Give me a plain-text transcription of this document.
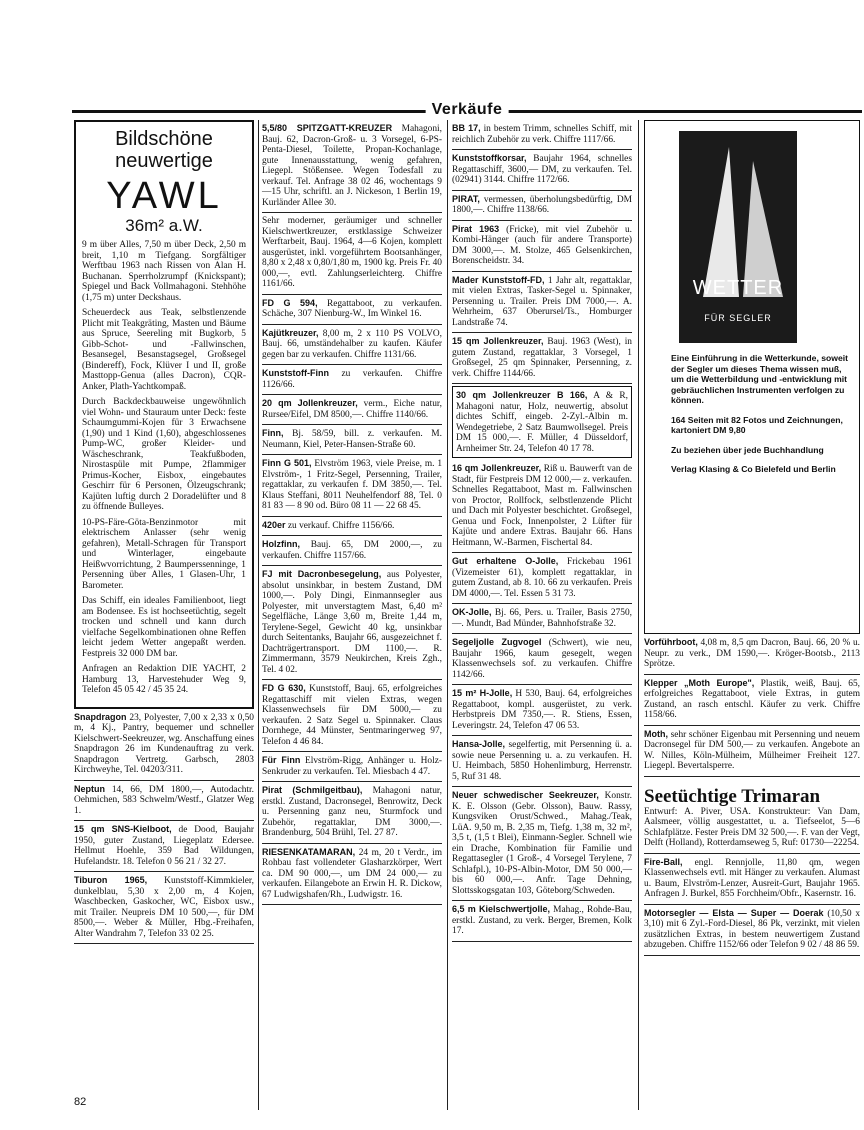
Verkäufe
Bildschöne neuwertige
YAWL
36m² a.W.

9 m über Alles, 7,50 m über Deck, 2,50 m breit, 1,10 m Tiefgang. Sorgfältiger Werftbau 1963 nach Rissen von Alan H. Buchanan. Sperrholzrumpf (Knickspant); Spiegel und Back Vollmahagoni. Stehhöhe (1,75 m) unter Deckshaus.

Scheuerdeck aus Teak, selbstlenzende Plicht mit Teakgräting, Masten und Bäume aus Spruce, Seereling mit Bugkorb, 5 Gibb-Schot- und -Fallwinschen, Besansegel, Besanstagsegel, Großsegel (Bindereff), Fock, Klüver I und II, große Masttopp-Genua (alles Dacron), CQR-Anker, Plath-Yachtkompaß.

Durch Backdeckbauweise ungewöhnlich viel Wohn- und Stauraum unter Deck: feste Schaumgummi-Kojen für 3 Erwachsene (1,90) und 1 Kind (1,60), abgeschlossenes Pump-WC, großer Kleider- und Wäscheschrank, Teakfußboden, Nirostaspüle mit Pumpe, 2flammiger Primus-Kocher, Eisbox, eingebautes Geschirr für 6 Personen, Ölzeugschrank; Kajüten luftig durch 2 Doradelüfter und 8 zu öffnende Bulleyes.

10-PS-Färe-Göta-Benzinmotor mit elektrischem Anlasser (sehr wenig gefahren), Metall-Schragen für Transport und Winterlager, eingebaute Heißwvorrichtung, 2 Baumperssenninge, 1 Persenning über Alles, 1 Glasen-Uhr, 1 Barometer.

Das Schiff, ein ideales Familienboot, liegt am Bodensee. Es ist hochseetüchtig, segelt trocken und schnell und kann durch vielfache Segelkombinationen ohne Reffen leicht jedem Wetter angepaßt werden. Festpreis 32 000 DM bar.

Anfragen an Redaktion DIE YACHT, 2 Hamburg 13, Harvestehuder Weg 9, Telefon 45 05 42 / 45 35 24.

Snapdragon 23, Polyester, 7,00 x 2,33 x 0,50 m, 4 Kj., Pantry, bequemer und schneller Kielschwert-Seekreuzer, wg. Anschaffung eines Snapdragon 26 im Kundenauftrag zu verk. Snapdragon Vertretg. Garbsch, 2803 Kirchweyhe, Tel. 04203/311.
Neptun 14, 66, DM 1800,—, Autodachtr. Oehmichen, 583 Schwelm/Westf., Glatzer Weg 1.
15 qm SNS-Kielboot, de Dood, Baujahr 1950, guter Zustand, Liegeplatz Edersee. Hellmut Hoehle, 359 Bad Wildungen, Hufelandstr. 18. Telefon 0 56 21 / 32 27.
Tiburon 1965, Kunststoff-Kimmkieler, dunkelblau, 5,30 x 2,00 m, 4 Kojen, Waschbecken, Gaskocher, WC, Eisbox usw., mit Trailer. Neupreis DM 10 500,—, für DM 8500,—. Weber & Müller, Hbg.-Freihafen, Alter Wandrahm 7, Telefon 33 02 25.
5,5/80 SPITZGATT-KREUZER Mahagoni, Bauj. 62, Dacron-Groß- u. 3 Vorsegel, 6-PS-Penta-Diesel, Toilette, Propan-Kochanlage, gute Innenausstattung, wenig gefahren, Liegepl. Stößensee. Wegen Todesfall zu verkauf. Tel. Anfrage 38 02 46, wochentags 9—15 Uhr, schriftl. an J. Nickeson, 1 Berlin 19, Kurländer Allee 30.
Sehr moderner, geräumiger und schneller Kielschwertkreuzer, erstklassige Schweizer Werftarbeit, Bauj. 1964, 4—6 Kojen, komplett ausgerüstet, inkl. vorgeführtem Bootsanhänger, 8,80 x 2,48 x 0,80/1,80 m, 1900 kg. Preis Fr. 40 000,—, evtl. Zahlungserleichterg. Chiffre 1161/66.
FD G 594, Regattaboot, zu verkaufen. Schäche, 307 Nienburg-W., Im Winkel 16.
Kajütkreuzer, 8,00 m, 2 x 110 PS VOLVO, Bauj. 66, umständehalber zu kaufen. Käufer gegen bar zu verkaufen. Chiffre 1131/66.
Kunststoff-Finn zu verkaufen. Chiffre 1126/66.
20 qm Jollenkreuzer, verm., Eiche natur, Rursee/Eifel, DM 8500,—. Chiffre 1140/66.
Finn, Bj. 58/59, bill. z. verkaufen. M. Neumann, Kiel, Peter-Hansen-Straße 60.
Finn G 501, Elvström 1963, viele Preise, m. 1 Elvström-, 1 Fritz-Segel, Persenning, Trailer, regattaklar, zu verkaufen f. DM 3850,—. Tel. Klaus Steffani, 8011 Neuhelfendorf 88, Tel. 0 81 83 — 8 90 od. Büro 08 11 — 22 68 45.
420er zu verkauf. Chiffre 1156/66.
Holzfinn, Bauj. 65, DM 2000,—, zu verkaufen. Chiffre 1157/66.
FJ mit Dacronbesegelung, aus Polyester, absolut unsinkbar, in bestem Zustand, DM 1000,—. Poly Dingi, Einmannsegler aus Polyester, mit unverstagtem Mast, 6,40 m² Segelfläche, Länge 3,60 m, Breite 1,44 m, Terylene-Segel, Gewicht 40 kg, unsinkbar durch Seitentanks, Baujahr 66, ausgezeichnet f. Dachträgertransport. DM 1100,—. R. Zimmermann, 3579 Neukirchen, Kreis Zgh., Tel. 4 02.
FD G 630, Kunststoff, Bauj. 65, erfolgreiches Regattaschiff mit vielen Extras, wegen Klassenwechsels für DM 5000,— zu verkaufen. 2 Satz Segel u. Spinnaker. Claus Dornhege, 44 Münster, Sentmaringerweg 97, Telefon 4 46 84.
Für Finn Elvström-Rigg, Anhänger u. Holz-Senkruder zu verkaufen. Tel. Miesbach 4 47.
Pirat (Schmilgeitbau), Mahagoni natur, erstkl. Zustand, Dacronsegel, Benrowitz, Deck u. Persenning ganz neu, Sturmfock und Zubehör, regattaklar, DM 3000,—. Brandenburg, 504 Brühl, Tel. 27 87.
RIESENKATAMARAN, 24 m, 20 t Verdr., im Rohbau fast vollendeter Glasharzkörper, Wert ca. DM 90 000,—, um DM 24 000,— zu verkaufen. Eilangebote an Erwin H. R. Dickow, 67 Ludwigshafen/Rh., Ludwigstr. 16.
BB 17, in bestem Trimm, schnelles Schiff, mit reichlich Zubehör zu verk. Chiffre 1117/66.
Kunststoffkorsar, Baujahr 1964, schnelles Regattaschiff, 3600,— DM, zu verkaufen. Tel. (02941) 3144. Chiffre 1172/66.
PIRAT, vermessen, überholungsbedürftig, DM 1800,—. Chiffre 1138/66.
Pirat 1963 (Fricke), mit viel Zubehör u. Kombi-Hänger (auch für andere Transporte) DM 3000,—. M. Stolze, 465 Gelsenkirchen, Borenscheidstr. 34.
Mader Kunststoff-FD, 1 Jahr alt, regattaklar, mit vielen Extras, Tasker-Segel u. Spinnaker, Persenning u. Trailer. Preis DM 7000,—. A. Wehrheim, 637 Oberursel/Ts., Homburger Landstraße 74.
15 qm Jollenkreuzer, Bauj. 1963 (West), in gutem Zustand, regattaklar, 3 Vorsegel, 1 Großsegel, 25 qm Spinnaker, Persenning, z. verk. Chiffre 1144/66.
30 qm Jollenkreuzer B 166, A & R, Mahagoni natur, Holz, neuwertig, absolut dichtes Schiff, eingeb. 2-Zyl.-Albin m. Wendegetriebe, 2 Satz Baumwollsegel. Preis DM 15 000,—. F. Müller, 4 Düsseldorf, Arnheimer Str. 24, Telefon 40 17 78.
16 qm Jollenkreuzer, Riß u. Bauwerft van de Stadt, für Festpreis DM 12 000,— z. verkaufen. Schnelles Regattaboot, Mast m. Fallwinschen von Proctor, Rollfock, selbstlenzende Plicht und Dach mit Polyester beschichtet. Großsegel, Genua und Fock, Innenpolster, 2 Lüfter für Kajüte und andere Extras. Baujahr 66. Hans Heitmann, W.-Barmen, Fischertal 84.
Gut erhaltene O-Jolle, Frickebau 1961 (Vizemeister 61), komplett regattaklar, in gutem Zustand, ab 8. 10. 66 zu verkaufen. Preis DM 4000,—. Tel. Essen 5 31 73.
OK-Jolle, Bj. 66, Pers. u. Trailer, Basis 2750,—. Mundt, Bad Münder, Bahnhofstraße 32.
Segeljolle Zugvogel (Schwert), wie neu, Baujahr 1966, kaum gesegelt, wegen Klassenwechsels sof. zu verkaufen. Chiffre 1142/66.
15 m² H-Jolle, H 530, Bauj. 64, erfolgreiches Regattaboot, kompl. ausgerüstet, zu verk. Herbstpreis DM 7350,—. R. Stiens, Essen, Leveringstr. 24, Telefon 47 06 53.
Hansa-Jolle, segelfertig, mit Persenning ü. a. sowie neue Persenning u. a. zu verkaufen. H. U. Heimbach, 5850 Hohenlimburg, Herrenstr. 5, Ruf 31 48.
Neuer schwedischer Seekreuzer, Konstr. K. E. Olsson (Gebr. Olsson), Bauw. Rassy, Kungsviken Orust/Schwed., Mahag./Teak, LüA. 9,50 m, B. 2,35 m, Tiefg. 1,38 m, 32 m², 3,5 t, (1,5 t Blei), Einmann-Segler. Schnell wie ein Drache, Kombination für Familie und Regattasegler (1 Groß-, 4 Vorsegel Terylene, 7 Schlafpl.), 10-PS-Albin-Motor, DM 50 000,— bis 60 000,—. Anfr. Tage Dehning, Slottsskogsgatan 103, Göteborg/Schweden.
6,5 m Kielschwertjolle, Mahag., Rohde-Bau, erstkl. Zustand, zu verk. Berger, Bremen, Kolk 17.
WETTER
FÜR SEGLER

Eine Einführung in die Wetterkunde, soweit der Segler um dieses Thema wissen muß, um die Wetterbildung und -entwicklung mit gebräuchlichen Instrumenten verfolgen zu können.

164 Seiten mit 82 Fotos und Zeichnungen, kartoniert DM 9,80

Zu beziehen über jede Buchhandlung

Verlag Klasing & Co Bielefeld und Berlin

Vorführboot, 4,08 m, 8,5 qm Dacron, Bauj. 66, 20 % u. Neupr. zu verk., DM 1590,—. Kröger-Bootsb., 2113 Sprötze.
Klepper „Moth Europe", Plastik, weiß, Bauj. 65, erfolgreiches Regattaboot, viele Extras, in gutem Zustand, an rasch entschl. Käufer zu verk. Chiffre 1158/66.
Moth, sehr schöner Eigenbau mit Persenning und neuem Dacronsegel für DM 500,— zu verkaufen. Angebote an W. Nilles, Köln-Mülheim, Mülheimer Freiheit 127. Liegepl. Bevertalsperre.
Seetüchtige Trimaran
Entwurf: A. Piver, USA. Konstrukteur: Van Dam, Aalsmeer, völlig ausgestattet, u. a. Tiefseelot, 5—6 Schlafplätze. Fester Preis DM 32 500,—. F. van der Vegt, Delft (Holland), Rotterdamseweg 5, Ruf: 01730—22254.
Fire-Ball, engl. Rennjolle, 11,80 qm, wegen Klassenwechsels evtl. mit Hänger zu verkaufen. Alumast u. Baum, Elvström-Lenzer, Ausreit-Gurt, Baujahr 1965. Anfragen J. Burkel, 855 Forchheim/Obfr., Kasernstr. 16.
Motorsegler — Elsta — Super — Doerak (10,50 x 3,10) mit 6 Zyl.-Ford-Diesel, 86 Pk, verzinkt, mit vielen zusätzlichen Extras, in bestem neuwertigem Zustand abzugeben. Chiffre 1152/66 oder Telefon 9 02 / 48 86 59.
82
